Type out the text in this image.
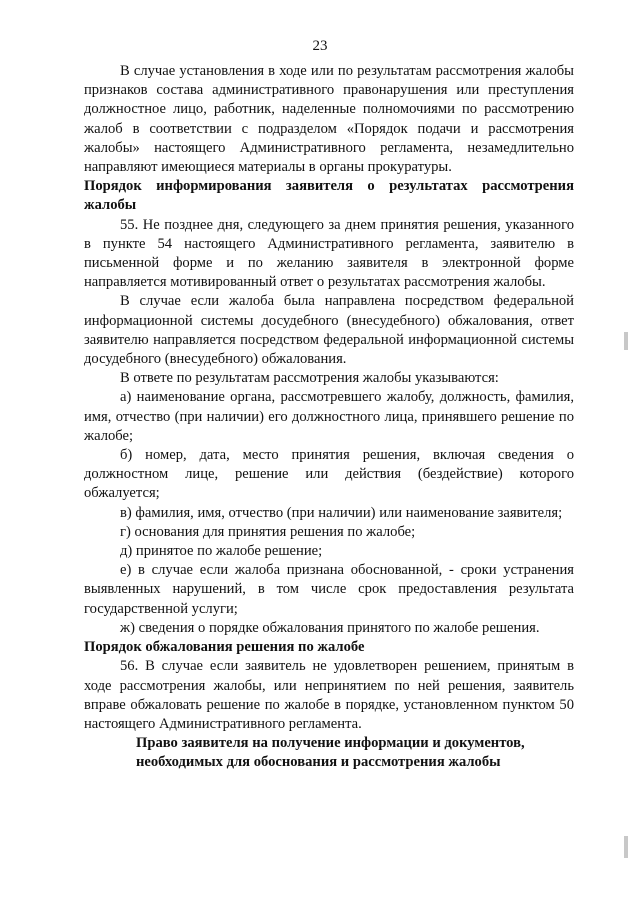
23

В случае установления в ходе или по результатам рассмотрения жалобы признаков состава административного правонарушения или преступления должностное лицо, работник, наделенные полномочиями по рассмотрению жалоб в соответствии с подразделом «Порядок подачи и рассмотрения жалобы» настоящего Административного регламента, незамедлительно направляют имеющиеся материалы в органы прокуратуры.

Порядок информирования заявителя о результатах рассмотрения жалобы

55. Не позднее дня, следующего за днем принятия решения, указанного в пункте 54 настоящего Административного регламента, заявителю в письменной форме и по желанию заявителя в электронной форме направляется мотивированный ответ о результатах рассмотрения жалобы.

В случае если жалоба была направлена посредством федеральной информационной системы досудебного (внесудебного) обжалования, ответ заявителю направляется посредством федеральной информационной системы досудебного (внесудебного) обжалования.

В ответе по результатам рассмотрения жалобы указываются:

а) наименование органа, рассмотревшего жалобу, должность, фамилия, имя, отчество (при наличии) его должностного лица, принявшего решение по жалобе;

б) номер, дата, место принятия решения, включая сведения о должностном лице, решение или действия (бездействие) которого обжалуется;

в) фамилия, имя, отчество (при наличии) или наименование заявителя;

г) основания для принятия решения по жалобе;

д) принятое по жалобе решение;

е) в случае если жалоба признана обоснованной, - сроки устранения выявленных нарушений, в том числе срок предоставления результата государственной услуги;

ж) сведения о порядке обжалования принятого по жалобе решения.

Порядок обжалования решения по жалобе

56. В случае если заявитель не удовлетворен решением, принятым в ходе рассмотрения жалобы, или непринятием по ней решения, заявитель вправе обжаловать решение по жалобе в порядке, установленном пунктом 50 настоящего Административного регламента.

Право заявителя на получение информации и документов,

необходимых для обоснования и рассмотрения жалобы
